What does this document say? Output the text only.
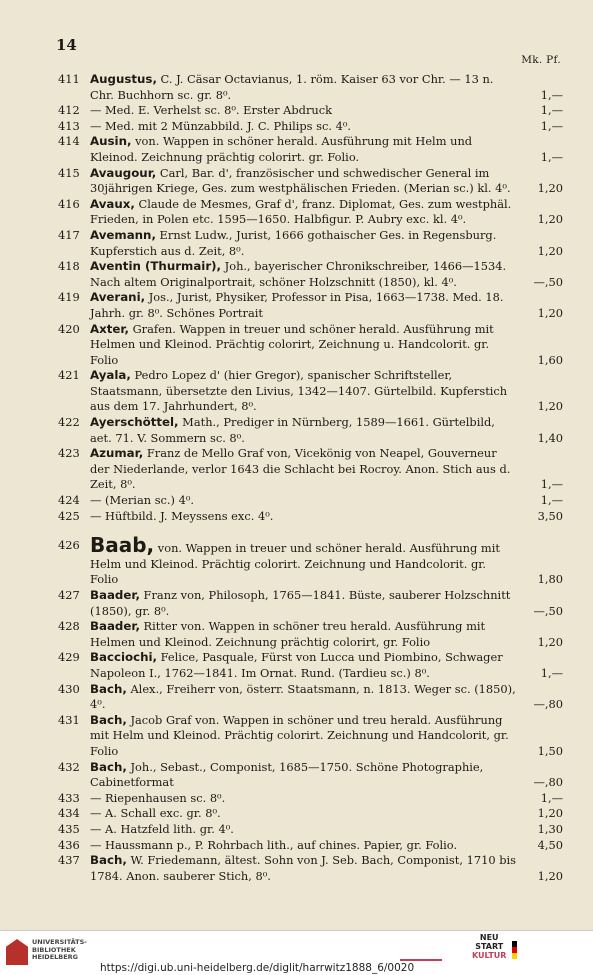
14
Mk. Pf.
411 Augustus, C. J. Cäsar Octavianus, 1. röm. Kaiser 63 vor Chr. — 13 n. Chr. Buchhorn sc. gr. 8⁰.	1,—
412 — Med. E. Verhelst sc. 8⁰. Erster Abdruck	1,—
413 — Med. mit 2 Münzabbild. J. C. Philips sc. 4⁰.	1,—
414 Ausin, von. Wappen in schöner herald. Ausführung mit Helm und Kleinod. Zeichnung prächtig colorirt. gr. Folio.	1,—
415 Avaugour, Carl, Bar. d', französischer und schwedischer General im 30jährigen Kriege, Ges. zum westphälischen Frieden. (Merian sc.) kl. 4⁰.	1,20
416 Avaux, Claude de Mesmes, Graf d', franz. Diplomat, Ges. zum westphäl. Frieden, in Polen etc. 1595—1650. Halbfigur. P. Aubry exc. kl. 4⁰.	1,20
417 Avemann, Ernst Ludw., Jurist, 1666 gothaischer Ges. in Regensburg. Kupferstich aus d. Zeit, 8⁰.	1,20
418 Aventin (Thurmair), Joh., bayerischer Chronikschreiber, 1466—1534. Nach altem Originalportrait, schöner Holzschnitt (1850), kl. 4⁰.	—,50
419 Averani, Jos., Jurist, Physiker, Professor in Pisa, 1663—1738. Med. 18. Jahrh. gr. 8⁰. Schönes Portrait	1,20
420 Axter, Grafen. Wappen in treuer und schöner herald. Ausführung mit Helmen und Kleinod. Prächtig colorirt, Zeichnung u. Handcolorit. gr. Folio	1,60
421 Ayala, Pedro Lopez d' (hier Gregor), spanischer Schriftsteller, Staatsmann, übersetzte den Livius, 1342—1407. Gürtelbild. Kupferstich aus dem 17. Jahrhundert, 8⁰.	1,20
422 Ayerschöttel, Math., Prediger in Nürnberg, 1589—1661. Gürtelbild, aet. 71. V. Sommern sc. 8⁰.	1,40
423 Azumar, Franz de Mello Graf von, Vicekönig von Neapel, Gouverneur der Niederlande, verlor 1643 die Schlacht bei Rocroy. Anon. Stich aus d. Zeit, 8⁰.	1,—
424 — (Merian sc.) 4⁰.	1,—
425 — Hüftbild. J. Meyssens exc. 4⁰.	3,50
426 Baab, von. Wappen in treuer und schöner herald. Ausführung mit Helm und Kleinod. Prächtig colorirt. Zeichnung und Handcolorit. gr. Folio	1,80
427 Baader, Franz von, Philosoph, 1765—1841. Büste, sauberer Holzschnitt (1850), gr. 8⁰.	—,50
428 Baader, Ritter von. Wappen in schöner treu herald. Ausführung mit Helmen und Kleinod. Zeichnung prächtig colorirt, gr. Folio	1,20
429 Bacciochi, Felice, Pasquale, Fürst von Lucca und Piombino, Schwager Napoleon I., 1762—1841. Im Ornat. Rund. (Tardieu sc.) 8⁰.	1,—
430 Bach, Alex., Freiherr von, österr. Staatsmann, n. 1813. Weger sc. (1850), 4⁰.	—,80
431 Bach, Jacob Graf von. Wappen in schöner und treu herald. Ausführung mit Helm und Kleinod. Prächtig colorirt. Zeichnung und Handcolorit, gr. Folio	1,50
432 Bach, Joh., Sebast., Componist, 1685—1750. Schöne Photographie, Cabinetformat	—,80
433 — Riepenhausen sc. 8⁰.	1,—
434 — A. Schall exc. gr. 8⁰.	1,20
435 — A. Hatzfeld lith. gr. 4⁰.	1,30
436 — Haussmann p., P. Rohrbach lith., auf chines. Papier, gr. Folio.	4,50
437 Bach, W. Friedemann, ältest. Sohn von J. Seb. Bach, Componist, 1710 bis 1784. Anon. sauberer Stich, 8⁰.	1,20
UNIVERSITÄTS-
BIBLIOTHEK
HEIDELBERG
https://digi.ub.uni-heidelberg.de/diglit/harrwitz1888_6/0020
NEU
START
KULTUR
